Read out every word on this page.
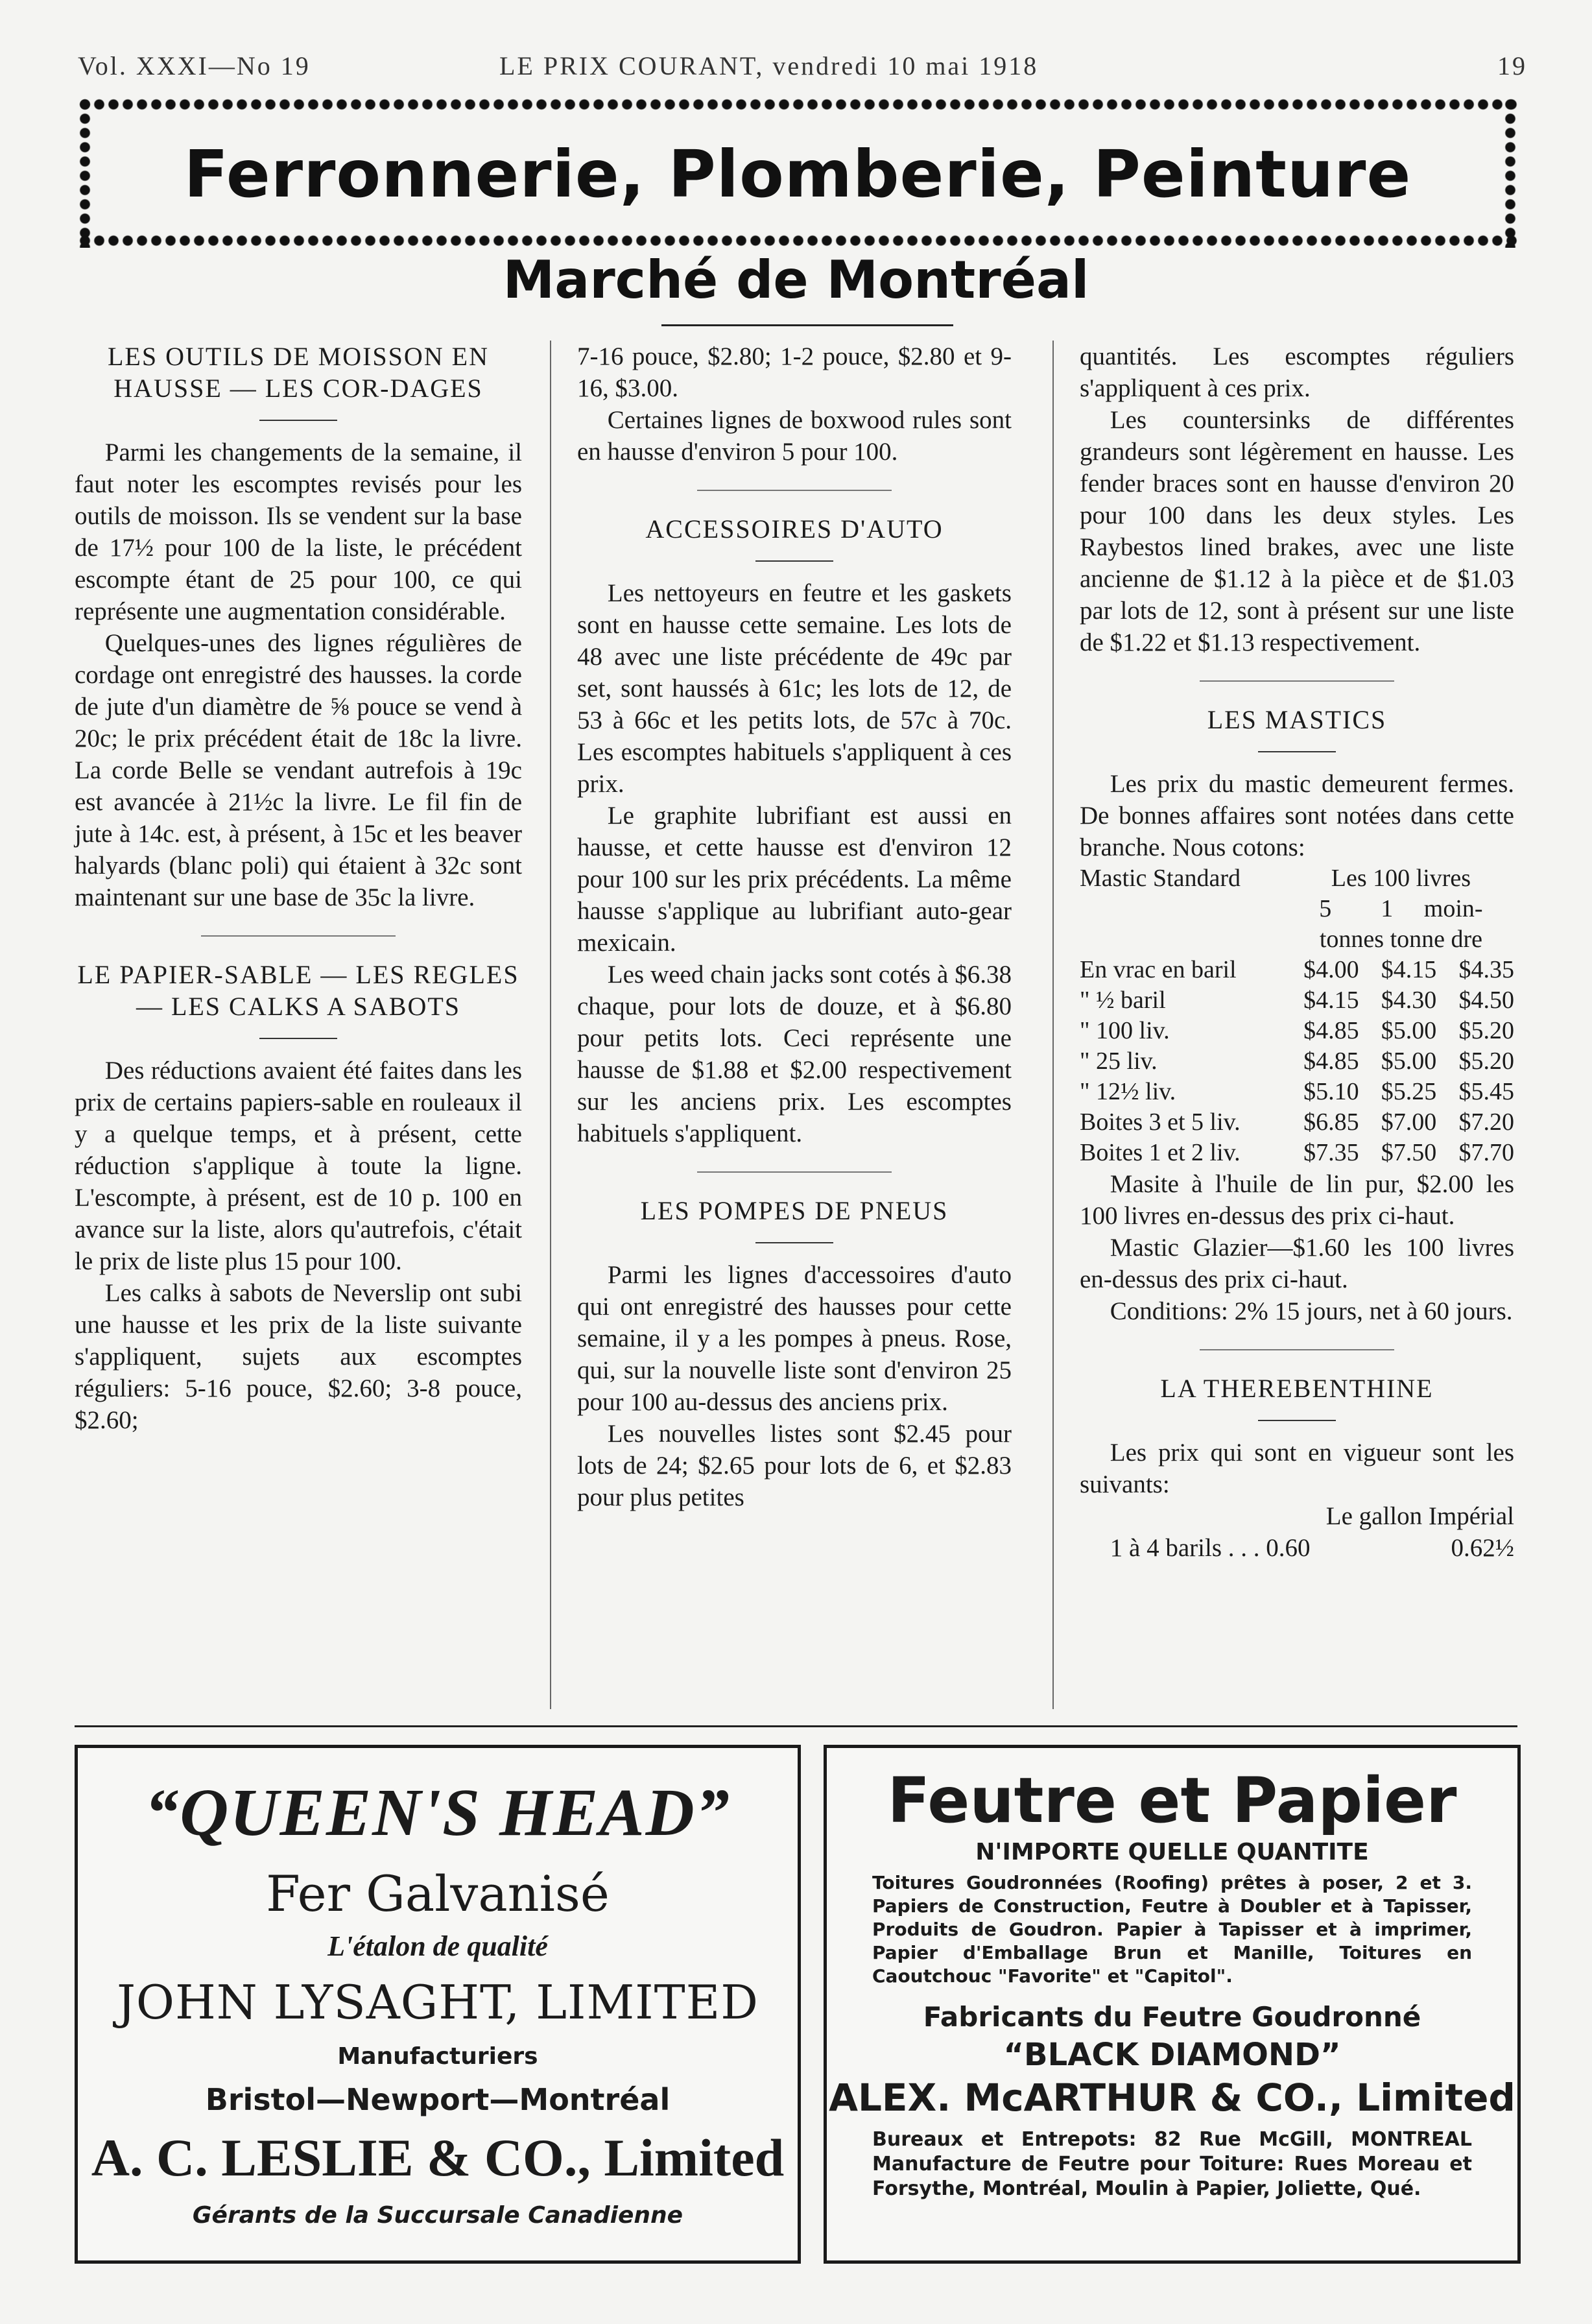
Vol. XXXI—No 19	LE PRIX COURANT, vendredi 10 mai 1918	19
Ferronnerie, Plomberie, Peinture
Marché de Montréal

LES OUTILS DE MOISSON EN HAUSSE — LES COR-DAGES

Parmi les changements de la semaine, il faut noter les escomptes revisés pour les outils de moisson. Ils se vendent sur la base de 17½ pour 100 de la liste, le précédent escompte étant de 25 pour 100, ce qui représente une augmentation considérable.

Quelques-unes des lignes régulières de cordage ont enregistré des hausses. la corde de jute d'un diamètre de ⅝ pouce se vend à 20c; le prix précédent était de 18c la livre. La corde Belle se vendant autrefois à 19c est avancée à 21½c la livre. Le fil fin de jute à 14c. est, à présent, à 15c et les beaver halyards (blanc poli) qui étaient à 32c sont maintenant sur une base de 35c la livre.

LE PAPIER-SABLE — LES REGLES — LES CALKS A SABOTS

Des réductions avaient été faites dans les prix de certains papiers-sable en rouleaux il y a quelque temps, et à présent, cette réduction s'applique à toute la ligne. L'escompte, à présent, est de 10 p. 100 en avance sur la liste, alors qu'autrefois, c'était le prix de liste plus 15 pour 100.

Les calks à sabots de Neverslip ont subi une hausse et les prix de la liste suivante s'appliquent, sujets aux escomptes réguliers: 5-16 pouce, $2.60; 3-8 pouce, $2.60;

7-16 pouce, $2.80; 1-2 pouce, $2.80 et 9-16, $3.00.

Certaines lignes de boxwood rules sont en hausse d'environ 5 pour 100.

ACCESSOIRES D'AUTO

Les nettoyeurs en feutre et les gaskets sont en hausse cette semaine. Les lots de 48 avec une liste précédente de 49c par set, sont haussés à 61c; les lots de 12, de 53 à 66c et les petits lots, de 57c à 70c. Les escomptes habituels s'appliquent à ces prix.

Le graphite lubrifiant est aussi en hausse, et cette hausse est d'environ 12 pour 100 sur les prix précédents. La même hausse s'applique au lubrifiant auto-gear mexicain.

Les weed chain jacks sont cotés à $6.38 chaque, pour lots de douze, et à $6.80 pour petits lots. Ceci représente une hausse de $1.88 et $2.00 respectivement sur les anciens prix. Les escomptes habituels s'appliquent.

LES POMPES DE PNEUS

Parmi les lignes d'accessoires d'auto qui ont enregistré des hausses pour cette semaine, il y a les pompes à pneus. Rose, qui, sur la nouvelle liste sont d'environ 25 pour 100 au-dessus des anciens prix.

Les nouvelles listes sont $2.45 pour lots de 24; $2.65 pour lots de 6, et $2.83 pour plus petites

quantités. Les escomptes réguliers s'appliquent à ces prix.

Les countersinks de différentes grandeurs sont légèrement en hausse. Les fender braces sont en hausse d'environ 20 pour 100 dans les deux styles. Les Raybestos lined brakes, avec une liste ancienne de $1.12 à la pièce et de $1.03 par lots de 12, sont à présent sur une liste de $1.22 et $1.13 respectivement.

LES MASTICS

Les prix du mastic demeurent fermes. De bonnes affaires sont notées dans cette branche. Nous cotons:

Mastic Standard	Les 100 livres
5        1     moin-
tonnes tonne dre		

En vrac en baril	$4.00	$4.15	$4.35
" ½ baril	$4.15	$4.30	$4.50
" 100 liv.	$4.85	$5.00	$5.20
" 25 liv.	$4.85	$5.00	$5.20
" 12½ liv.	$5.10	$5.25	$5.45
Boites 3 et 5 liv.	$6.85	$7.00	$7.20
Boites 1 et 2 liv.	$7.35	$7.50	$7.70

Masite à l'huile de lin pur, $2.00 les 100 livres en-dessus des prix ci-haut.

Mastic Glazier—$1.60 les 100 livres en-dessus des prix ci-haut.

Conditions: 2% 15 jours, net à 60 jours.

LA THEREBENTHINE

Les prix qui sont en vigueur sont les suivants:

Le gallon Impérial

1 à 4 barils . . . 0.60	0.62½

“QUEEN'S HEAD”
Fer Galvanisé
L'étalon de qualité
JOHN LYSAGHT, LIMITED
Manufacturiers
Bristol—Newport—Montréal
A. C. LESLIE & CO., Limited
Gérants de la Succursale Canadienne
Feutre et Papier
N'IMPORTE QUELLE QUANTITE
Toitures Goudronnées (Roofing) prêtes à poser, 2 et 3. Papiers de Construction, Feutre à Doubler et à Tapisser, Produits de Goudron. Papier à Tapisser et à imprimer, Papier d'Emballage Brun et Manille, Toitures en Caoutchouc "Favorite" et "Capitol".
Fabricants du Feutre Goudronné
“BLACK DIAMOND”
ALEX. McARTHUR & CO., Limited
Bureaux et Entrepots: 82 Rue McGill, MONTREAL Manufacture de Feutre pour Toiture: Rues Moreau et Forsythe, Montréal, Moulin à Papier, Joliette, Qué.
